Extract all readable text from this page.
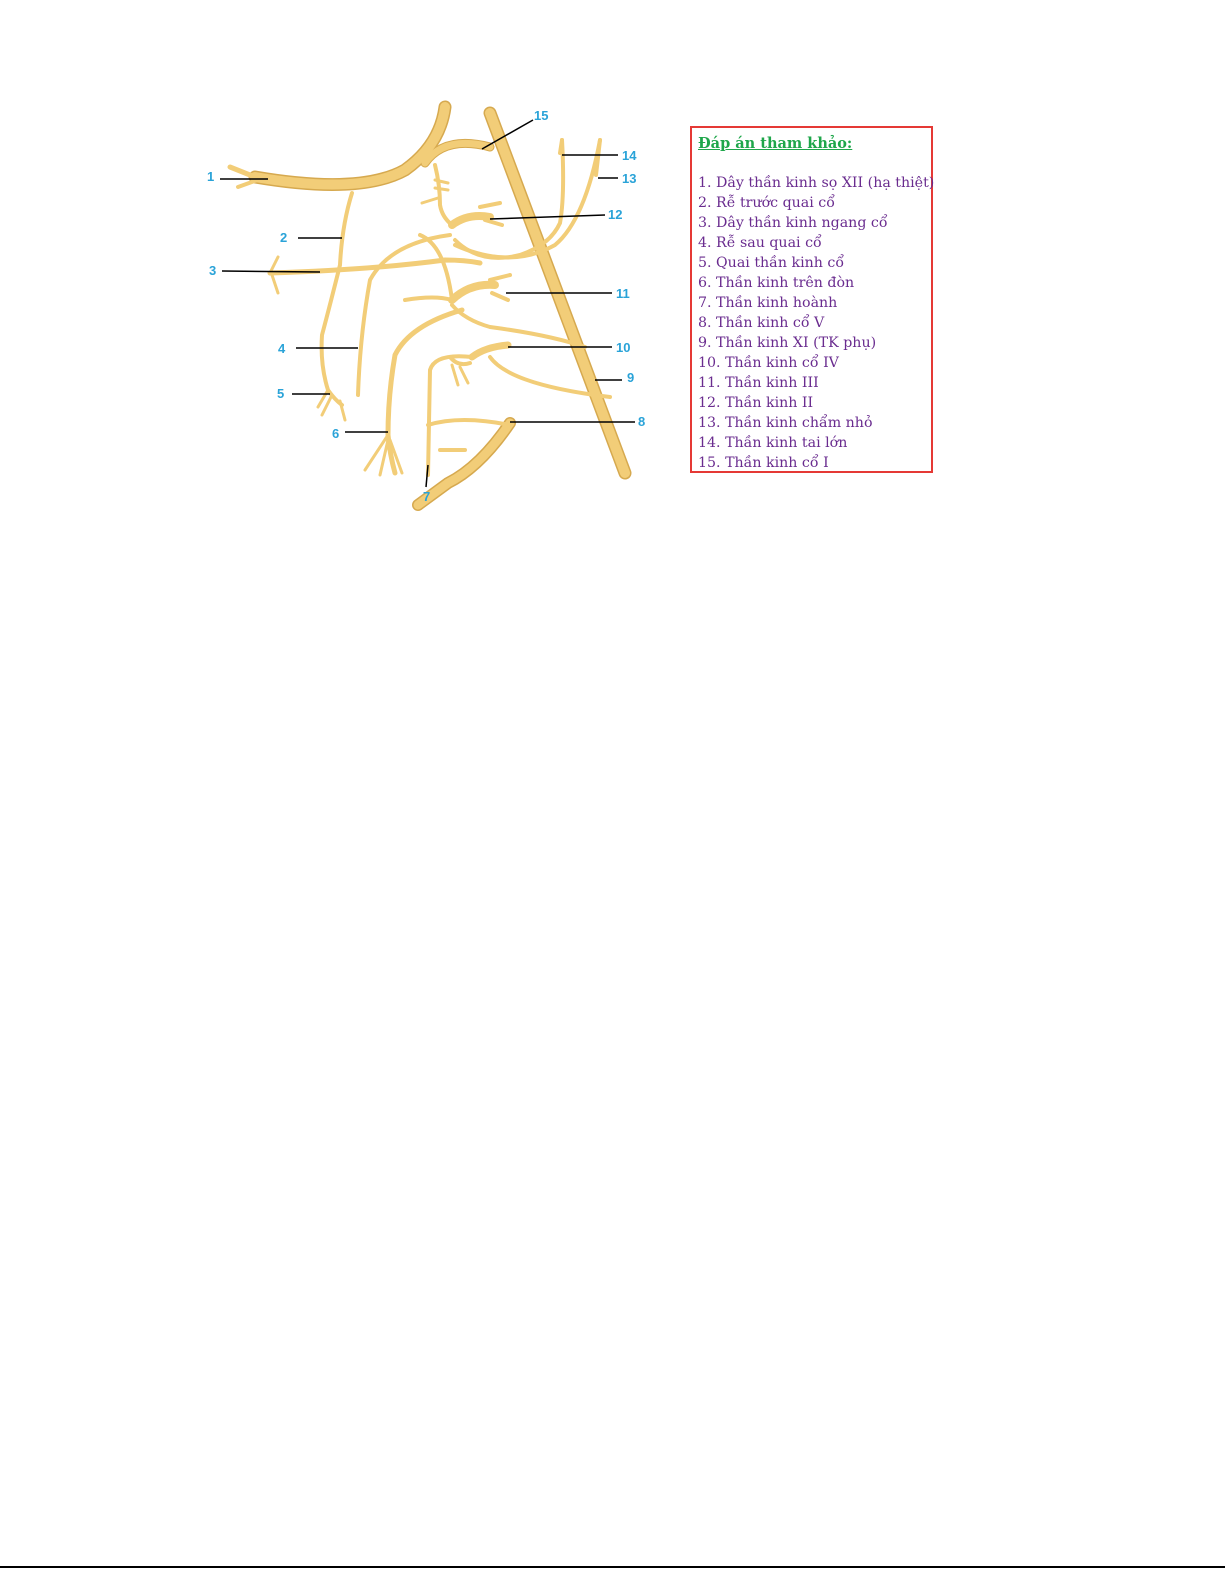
1
2
3
4
5
6
7
8
9
10
11
12
13
14
15
Đáp án tham khảo:
1. Dây thần kinh sọ XII (hạ thiệt)
2. Rễ trước quai cổ
3. Dây thần kinh ngang cổ
4. Rễ sau quai cổ
5. Quai thần kinh cổ
6. Thần kinh trên đòn
7. Thần kinh hoành
8. Thần kinh cổ V
9. Thần kinh XI (TK phụ)
10. Thần kinh cổ IV
11. Thần kinh III
12. Thần kinh II
13. Thần kinh chẩm nhỏ
14. Thần kinh tai lớn
15. Thần kinh cổ I
